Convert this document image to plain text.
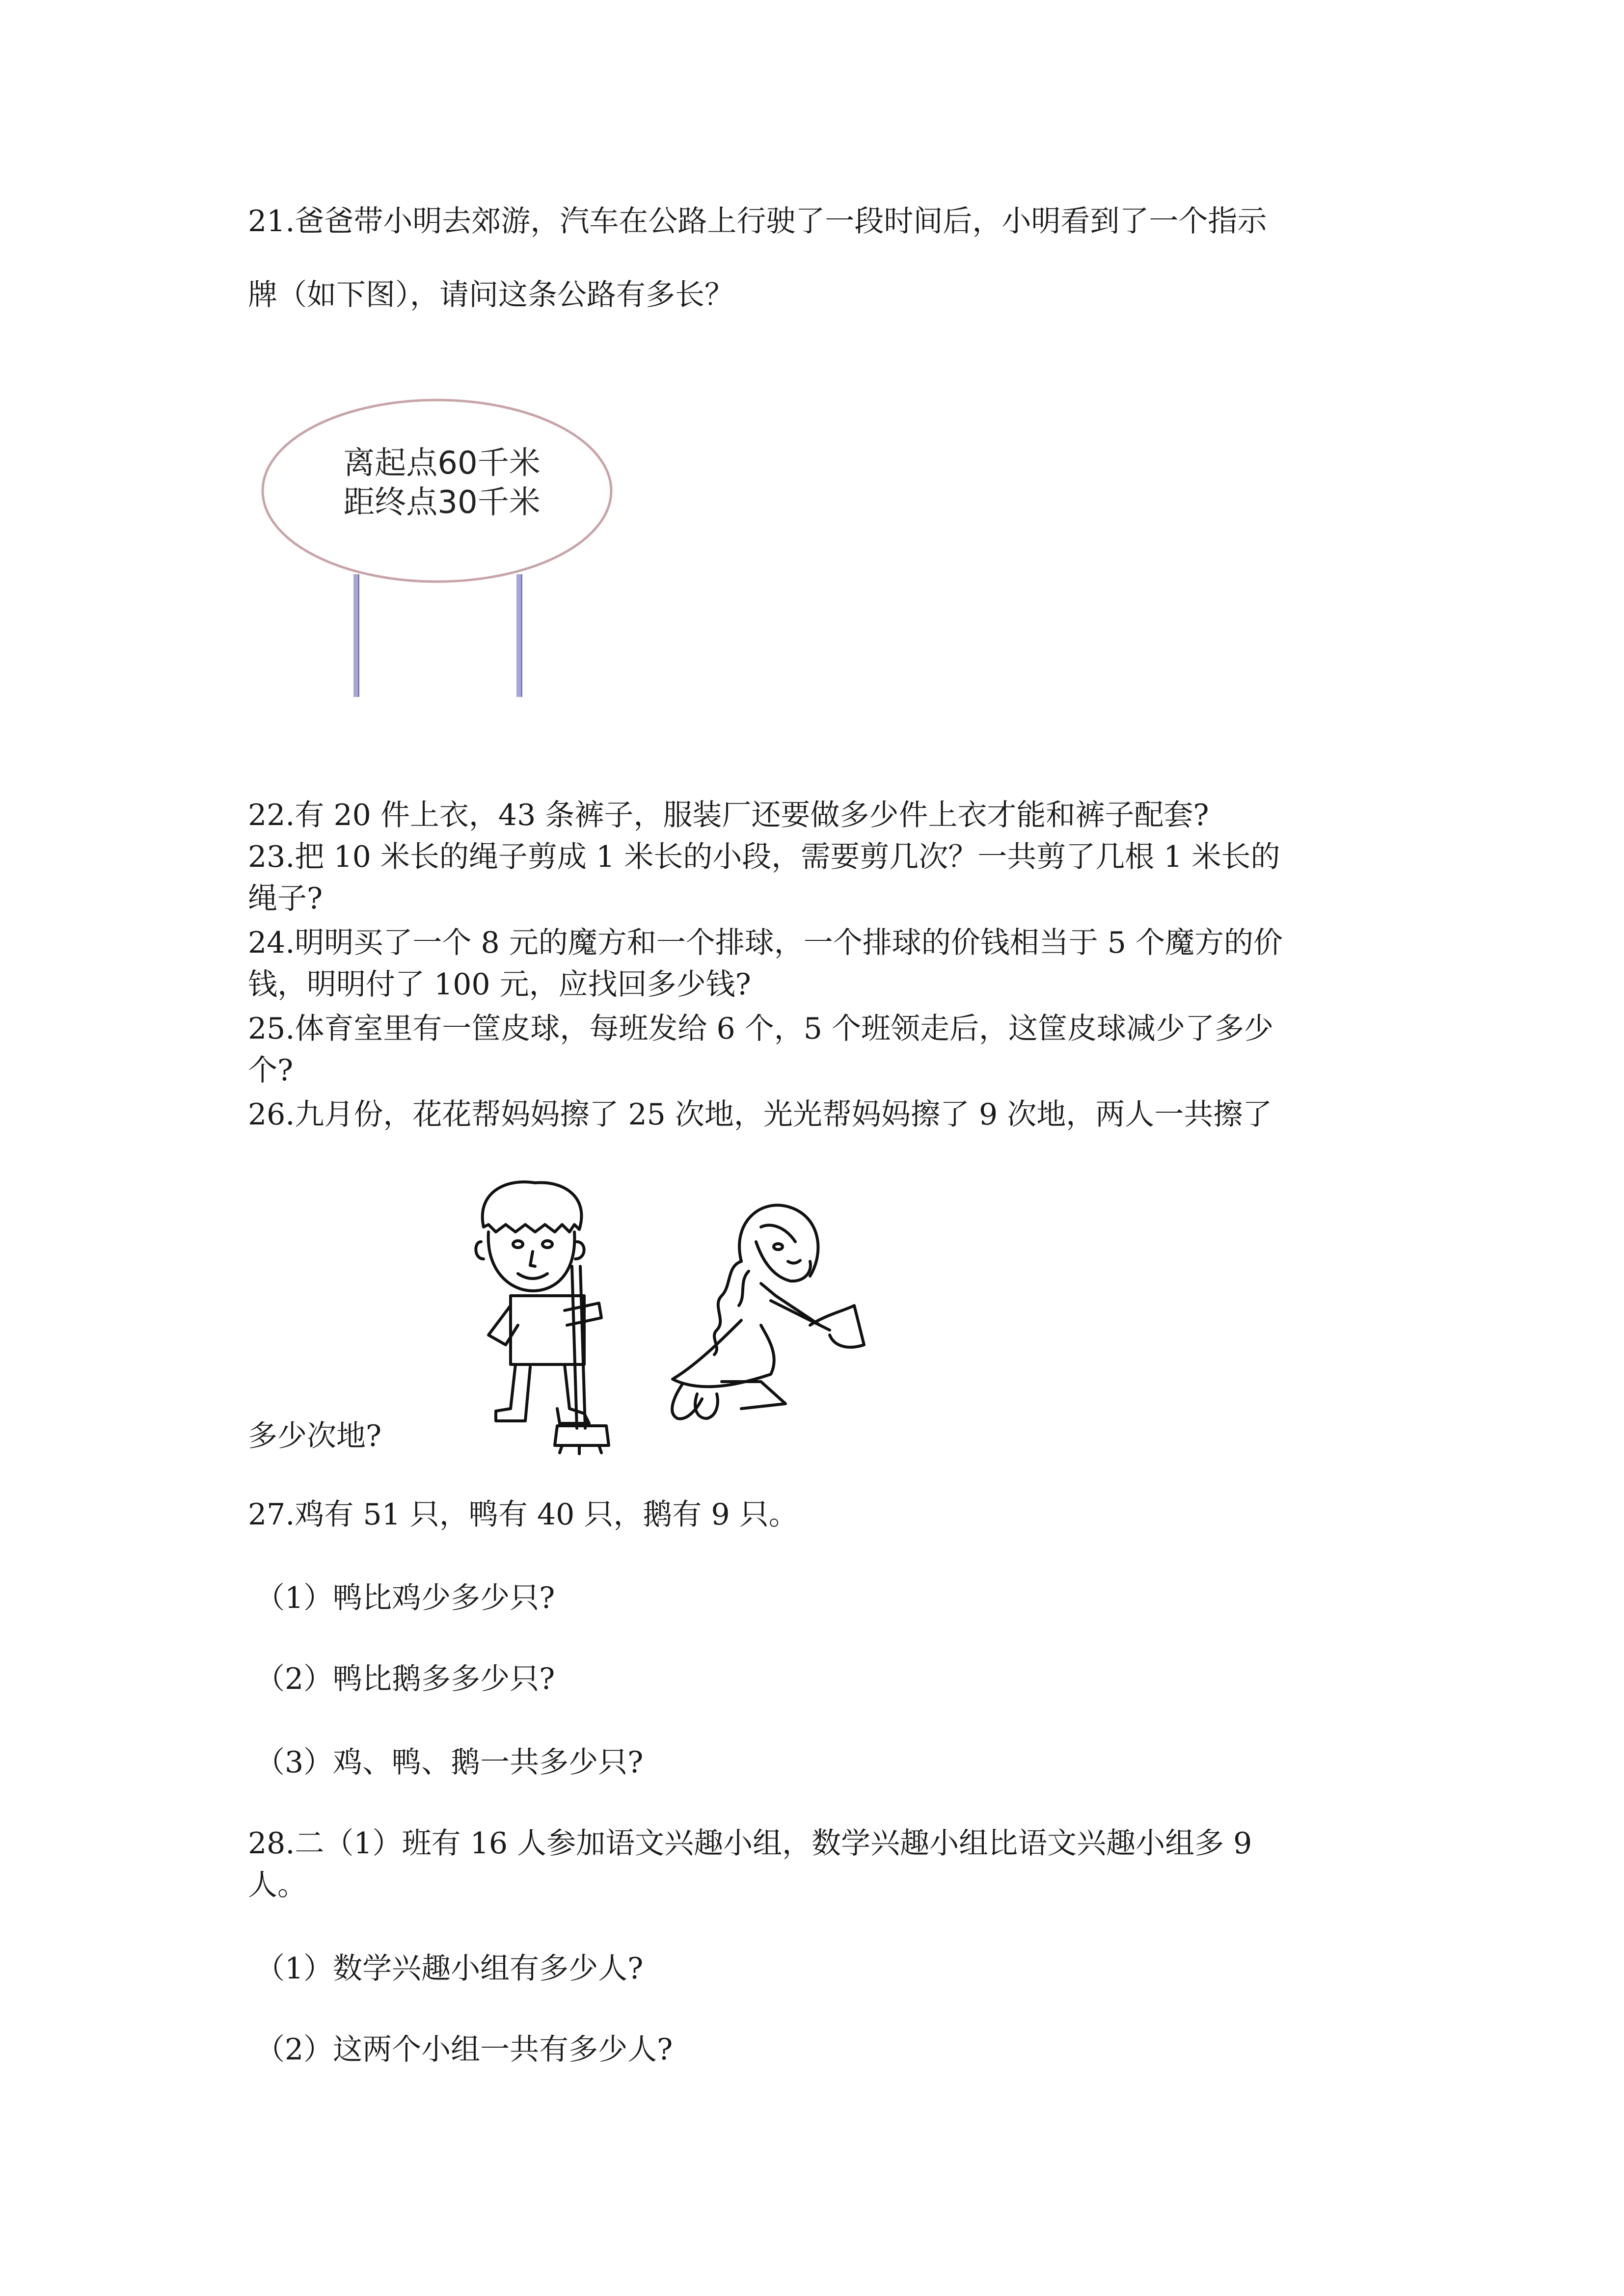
21.爸爸带小明去郊游，汽车在公路上行驶了一段时间后，小明看到了一个指示
牌（如下图），请问这条公路有多长？
离起点60千米
距终点30千米
22.有 20 件上衣，43 条裤子，服装厂还要做多少件上衣才能和裤子配套?
23.把 10 米长的绳子剪成 1 米长的小段，需要剪几次？一共剪了几根 1 米长的
绳子?
24.明明买了一个 8 元的魔方和一个排球，一个排球的价钱相当于 5 个魔方的价
钱，明明付了 100 元，应找回多少钱?
25.体育室里有一筐皮球，每班发给 6 个，5 个班领走后，这筐皮球减少了多少
个?
26.九月份，花花帮妈妈擦了 25 次地，光光帮妈妈擦了 9 次地，两人一共擦了
多少次地?
27.鸡有 51 只，鸭有 40 只，鹅有 9 只。
（1）鸭比鸡少多少只?
（2）鸭比鹅多多少只?
（3）鸡、鸭、鹅一共多少只?
28.二（1）班有 16 人参加语文兴趣小组，数学兴趣小组比语文兴趣小组多 9
人。
（1）数学兴趣小组有多少人?
（2）这两个小组一共有多少人?
